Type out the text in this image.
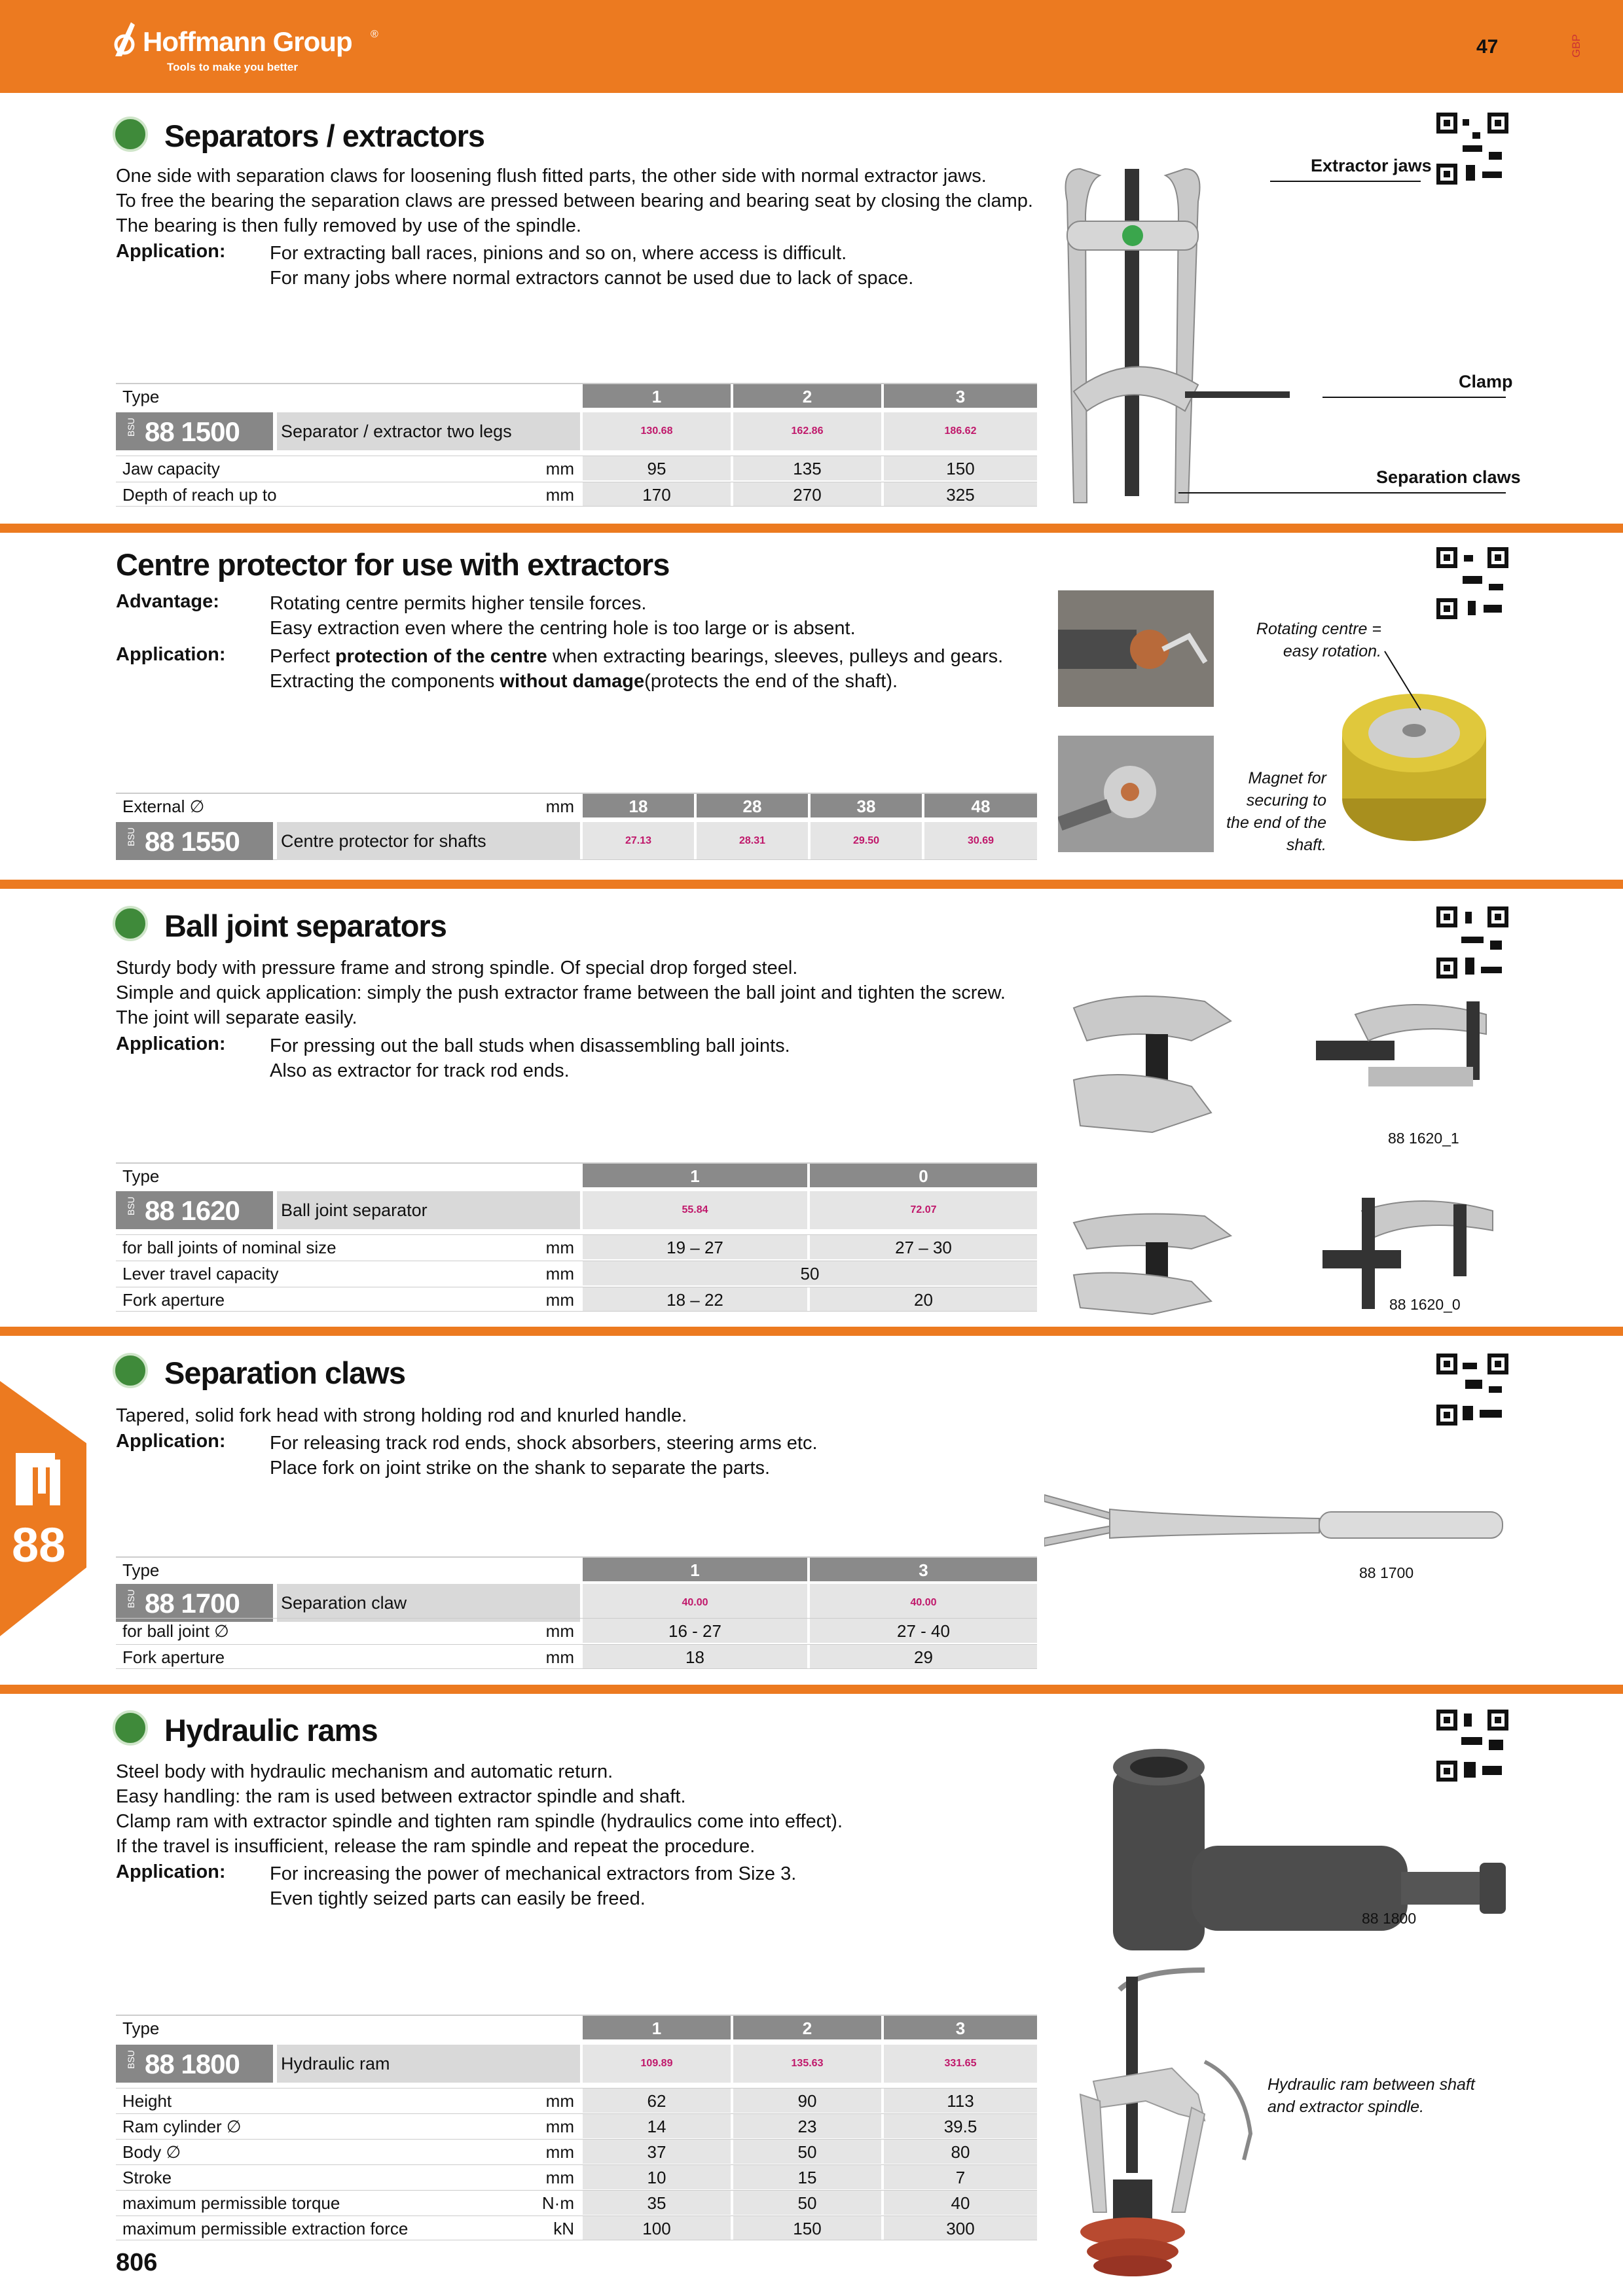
Hoffmann Group ®
Tools to make you better
47	GBP
88
Separators / extractors
One side with separation claws for loosening flush fitted parts, the other side with normal extractor jaws.
To free the bearing the separation claws are pressed between bearing and bearing seat by closing the clamp.
The bearing is then fully removed by use of the spindle.
Application: For extracting ball races, pinions and so on, where access is difficult.
For many jobs where normal extractors cannot be used due to lack of space.
Type	1	2	3
BSU 88 1500 Separator / extractor two legs	130.68	162.86	186.62
Jaw capacity	mm	95	135	150
Depth of reach up to	mm	170	270	325
Extractor jaws
Clamp
Separation claws
Centre protector for use with extractors
Advantage:	Rotating centre permits higher tensile forces.
Easy extraction even where the centring hole is too large or is absent.
Application: Perfect protection of the centre when extracting bearings, sleeves, pulleys and gears.
Extracting the components without damage(protects the end of the shaft).
External ∅	mm	18	28	38	48
BSU 88 1550 Centre protector for shafts	27.13	28.31	29.50	30.69
Rotating centre =
easy rotation.
Magnet for
securing to
the end of the
shaft.
Ball joint separators
Sturdy body with pressure frame and strong spindle. Of special drop forged steel.
Simple and quick application: simply the push extractor frame between the ball joint and tighten the screw.
The joint will separate easily.
Application: For pressing out the ball studs when disassembling ball joints.
Also as extractor for track rod ends.
Type	1	0
BSU 88 1620 Ball joint separator	55.84	72.07
for ball joints of nominal size	mm	19 – 27	27 – 30
Lever travel capacity	mm	50
Fork aperture	mm	18 – 22	20
88 1620_1
88 1620_0
Separation claws
Tapered, solid fork head with strong holding rod and knurled handle.
Application: For releasing track rod ends, shock absorbers, steering arms etc.
Place fork on joint strike on the shank to separate the parts.
Type	1	3
BSU 88 1700 Separation claw	40.00	40.00
for ball joint ∅	mm	16 - 27	27 - 40
Fork aperture	mm	18	29
88 1700
Hydraulic rams
Steel body with hydraulic mechanism and automatic return.
Easy handling: the ram is used between extractor spindle and shaft.
Clamp ram with extractor spindle and tighten ram spindle (hydraulics come into effect).
If the travel is insufficient, release the ram spindle and repeat the procedure.
Application: For increasing the power of mechanical extractors from Size 3.
Even tightly seized parts can easily be freed.
Type	1	2	3
BSU 88 1800 Hydraulic ram	109.89	135.63	331.65
Height	mm	62	90	113
Ram cylinder ∅	mm	14	23	39.5
Body ∅	mm	37	50	80
Stroke	mm	10	15	7
maximum permissible torque	N·m	35	50	40
maximum permissible extraction force	kN	100	150	300
88 1800
Hydraulic ram between shaft
and extractor spindle.
806
